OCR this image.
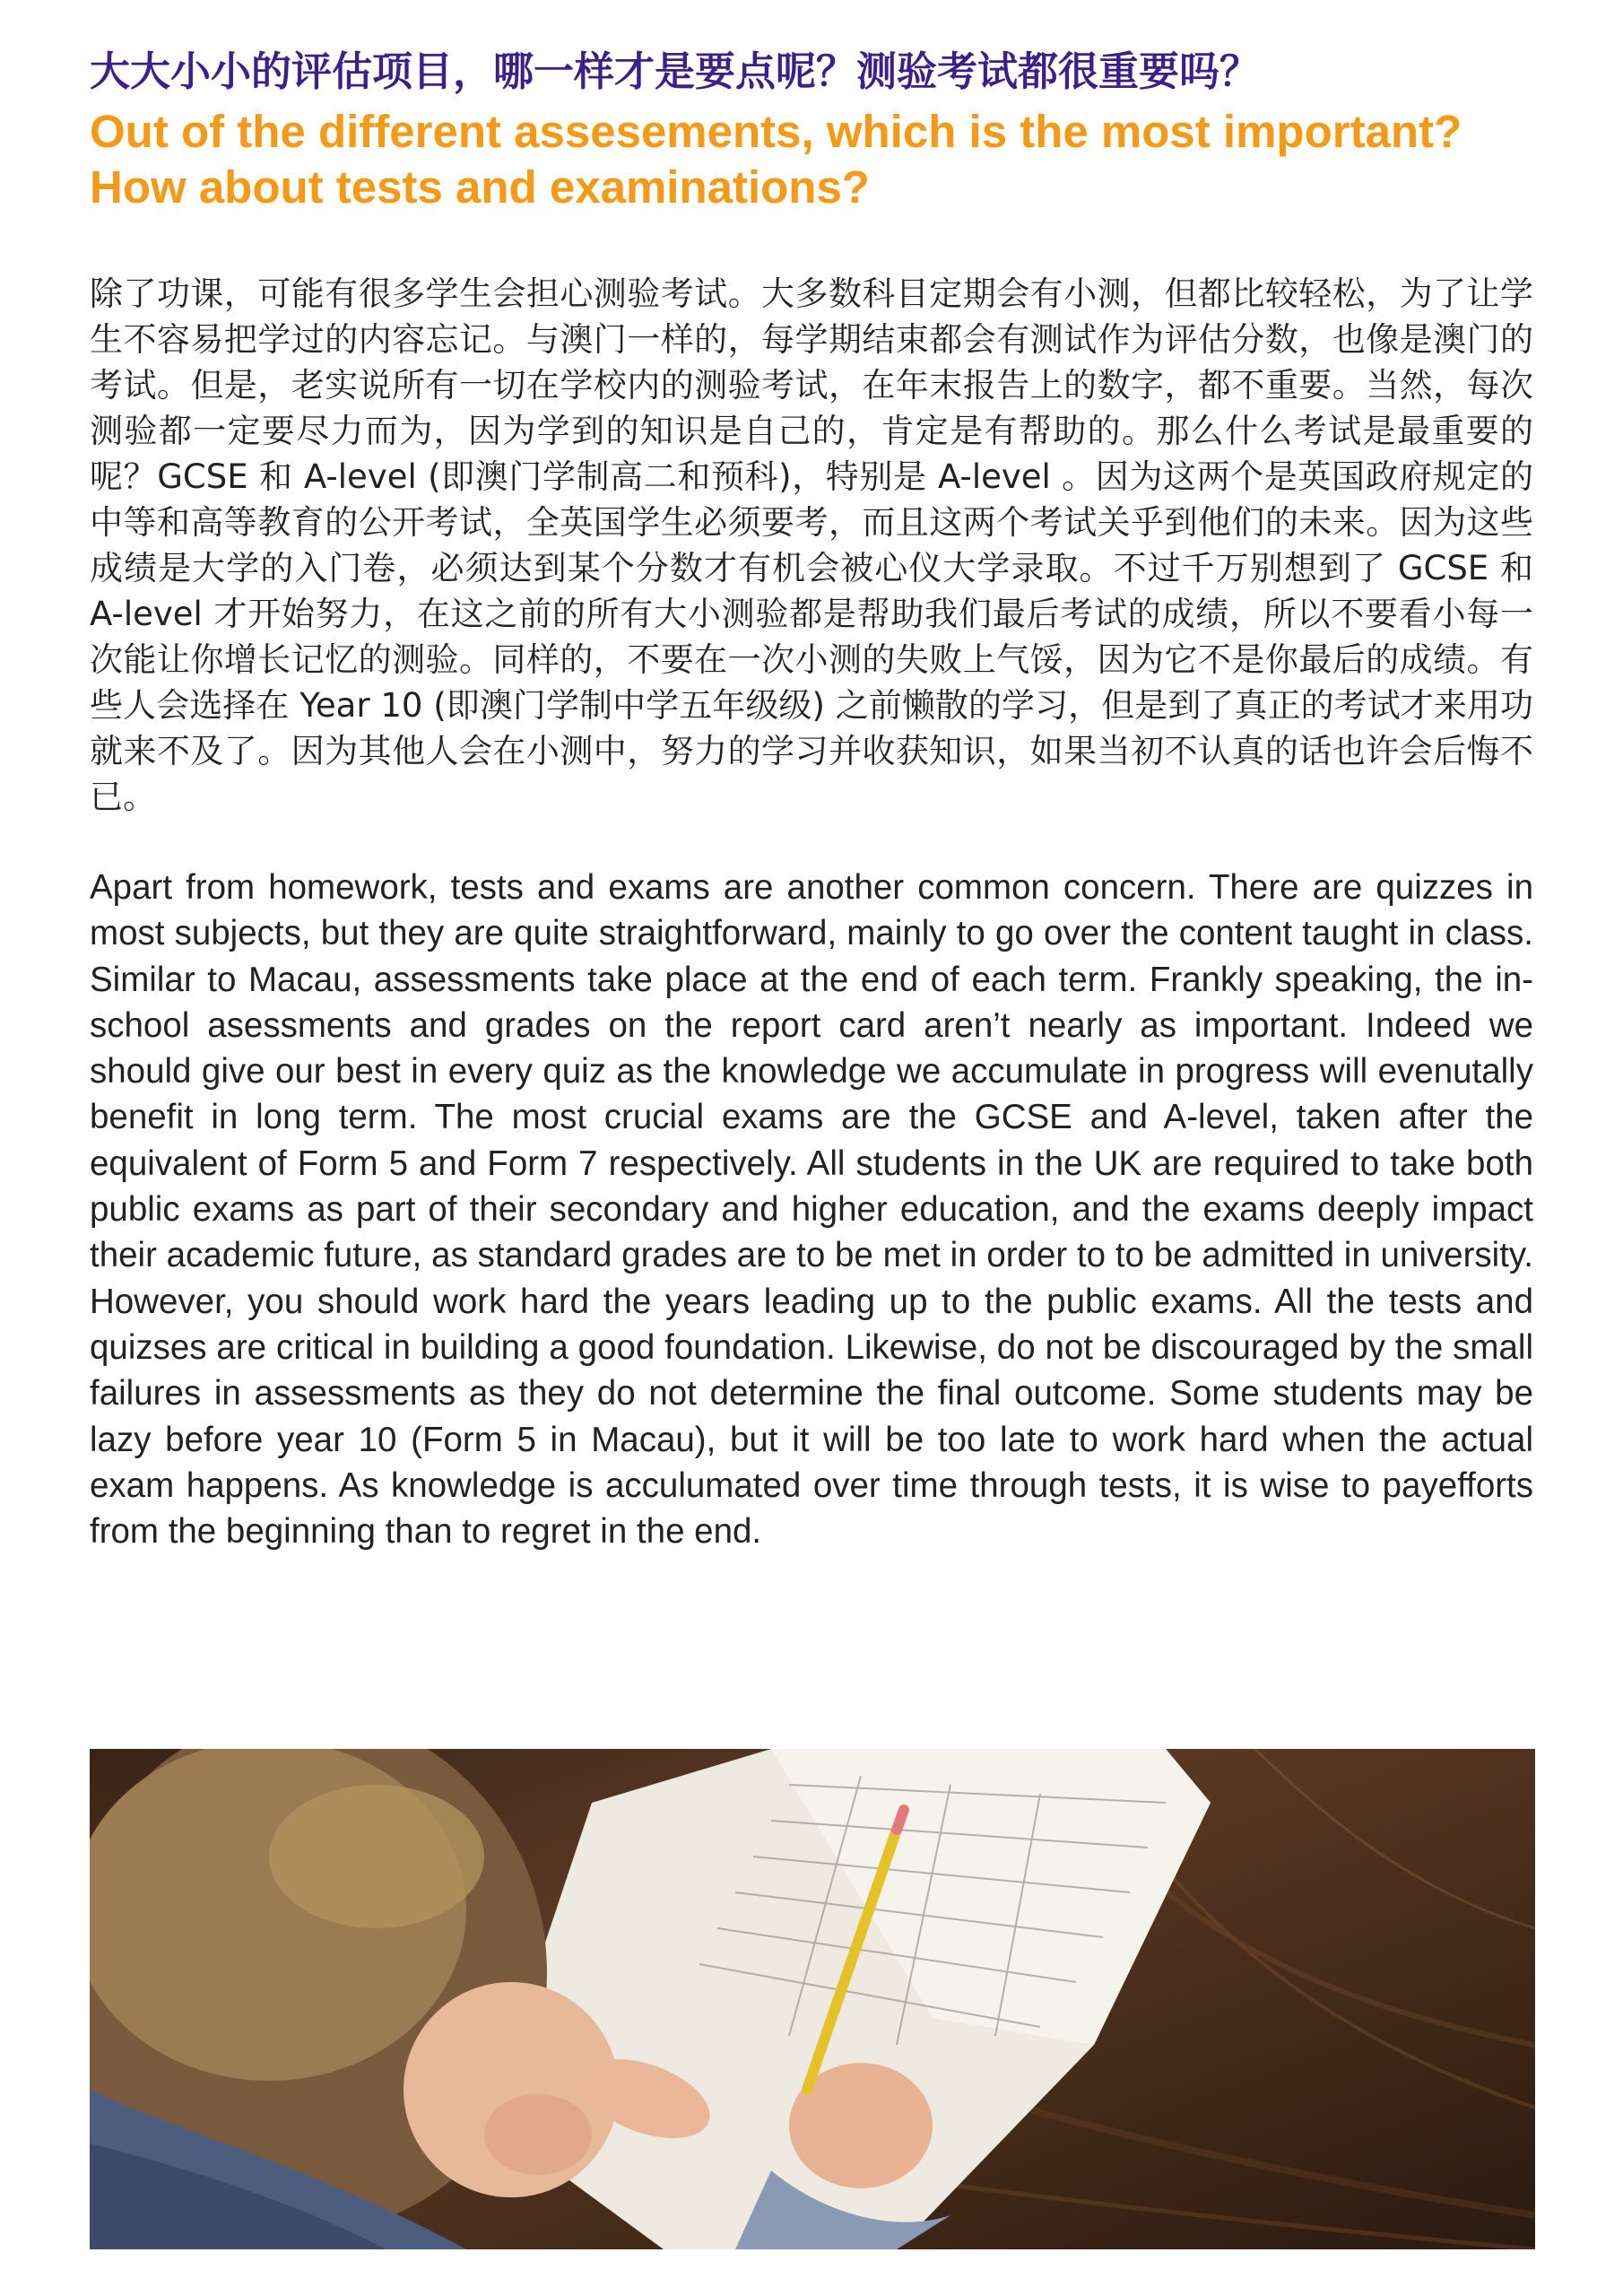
大大小小的评估项目，哪一样才是要点呢？测验考试都很重要吗？
Out of the different assesements, which is the most important? How about tests and examinations?

除了功课，可能有很多学生会担心测验考试。大多数科目定期会有小测，但都比较轻松，为了让学生不容易把学过的内容忘记。与澳门一样的，每学期结束都会有测试作为评估分数，也像是澳门的考试。但是，老实说所有一切在学校内的测验考试，在年末报告上的数字，都不重要。当然，每次测验都一定要尽力而为，因为学到的知识是自己的，肯定是有帮助的。那么什么考试是最重要的呢？GCSE 和 A-level (即澳门学制高二和预科)，特别是 A-level 。因为这两个是英国政府规定的中等和高等教育的公开考试，全英国学生必须要考，而且这两个考试关乎到他们的未来。因为这些成绩是大学的入门卷，必须达到某个分数才有机会被心仪大学录取。不过千万别想到了 GCSE 和 A-level 才开始努力，在这之前的所有大小测验都是帮助我们最后考试的成绩，所以不要看小每一次能让你增长记忆的测验。同样的，不要在一次小测的失败上气馁，因为它不是你最后的成绩。有些人会选择在 Year 10 (即澳门学制中学五年级级) 之前懒散的学习，但是到了真正的考试才来用功就来不及了。因为其他人会在小测中，努力的学习并收获知识，如果当初不认真的话也许会后悔不已。

Apart from homework, tests and exams are another common concern. There are quizzes in most subjects, but they are quite straightforward, mainly to go over the content taught in class. Similar to Macau, assessments take place at the end of each term. Frankly speaking, the in-school asessments and grades on the report card aren’t nearly as important. Indeed we should give our best in every quiz as the knowledge we accumulate in progress will evenutally benefit in long term. The most crucial exams are the GCSE and A-level, taken after the equivalent of Form 5 and Form 7 respectively. All students in the UK are required to take both public exams as part of their secondary and higher education, and the exams deeply impact their academic future, as standard grades are to be met in order to to be admitted in university. However, you should work hard the years leading up to the public exams. All the tests and quizses are critical in building a good foundation. Likewise, do not be discouraged by the small failures in assessments as they do not determine the final outcome. Some students may be lazy before year 10 (Form 5 in Macau), but it will be too late to work hard when the actual exam happens. As knowledge is acculumated over time through tests, it is wise to payefforts from the beginning than to regret in the end.
